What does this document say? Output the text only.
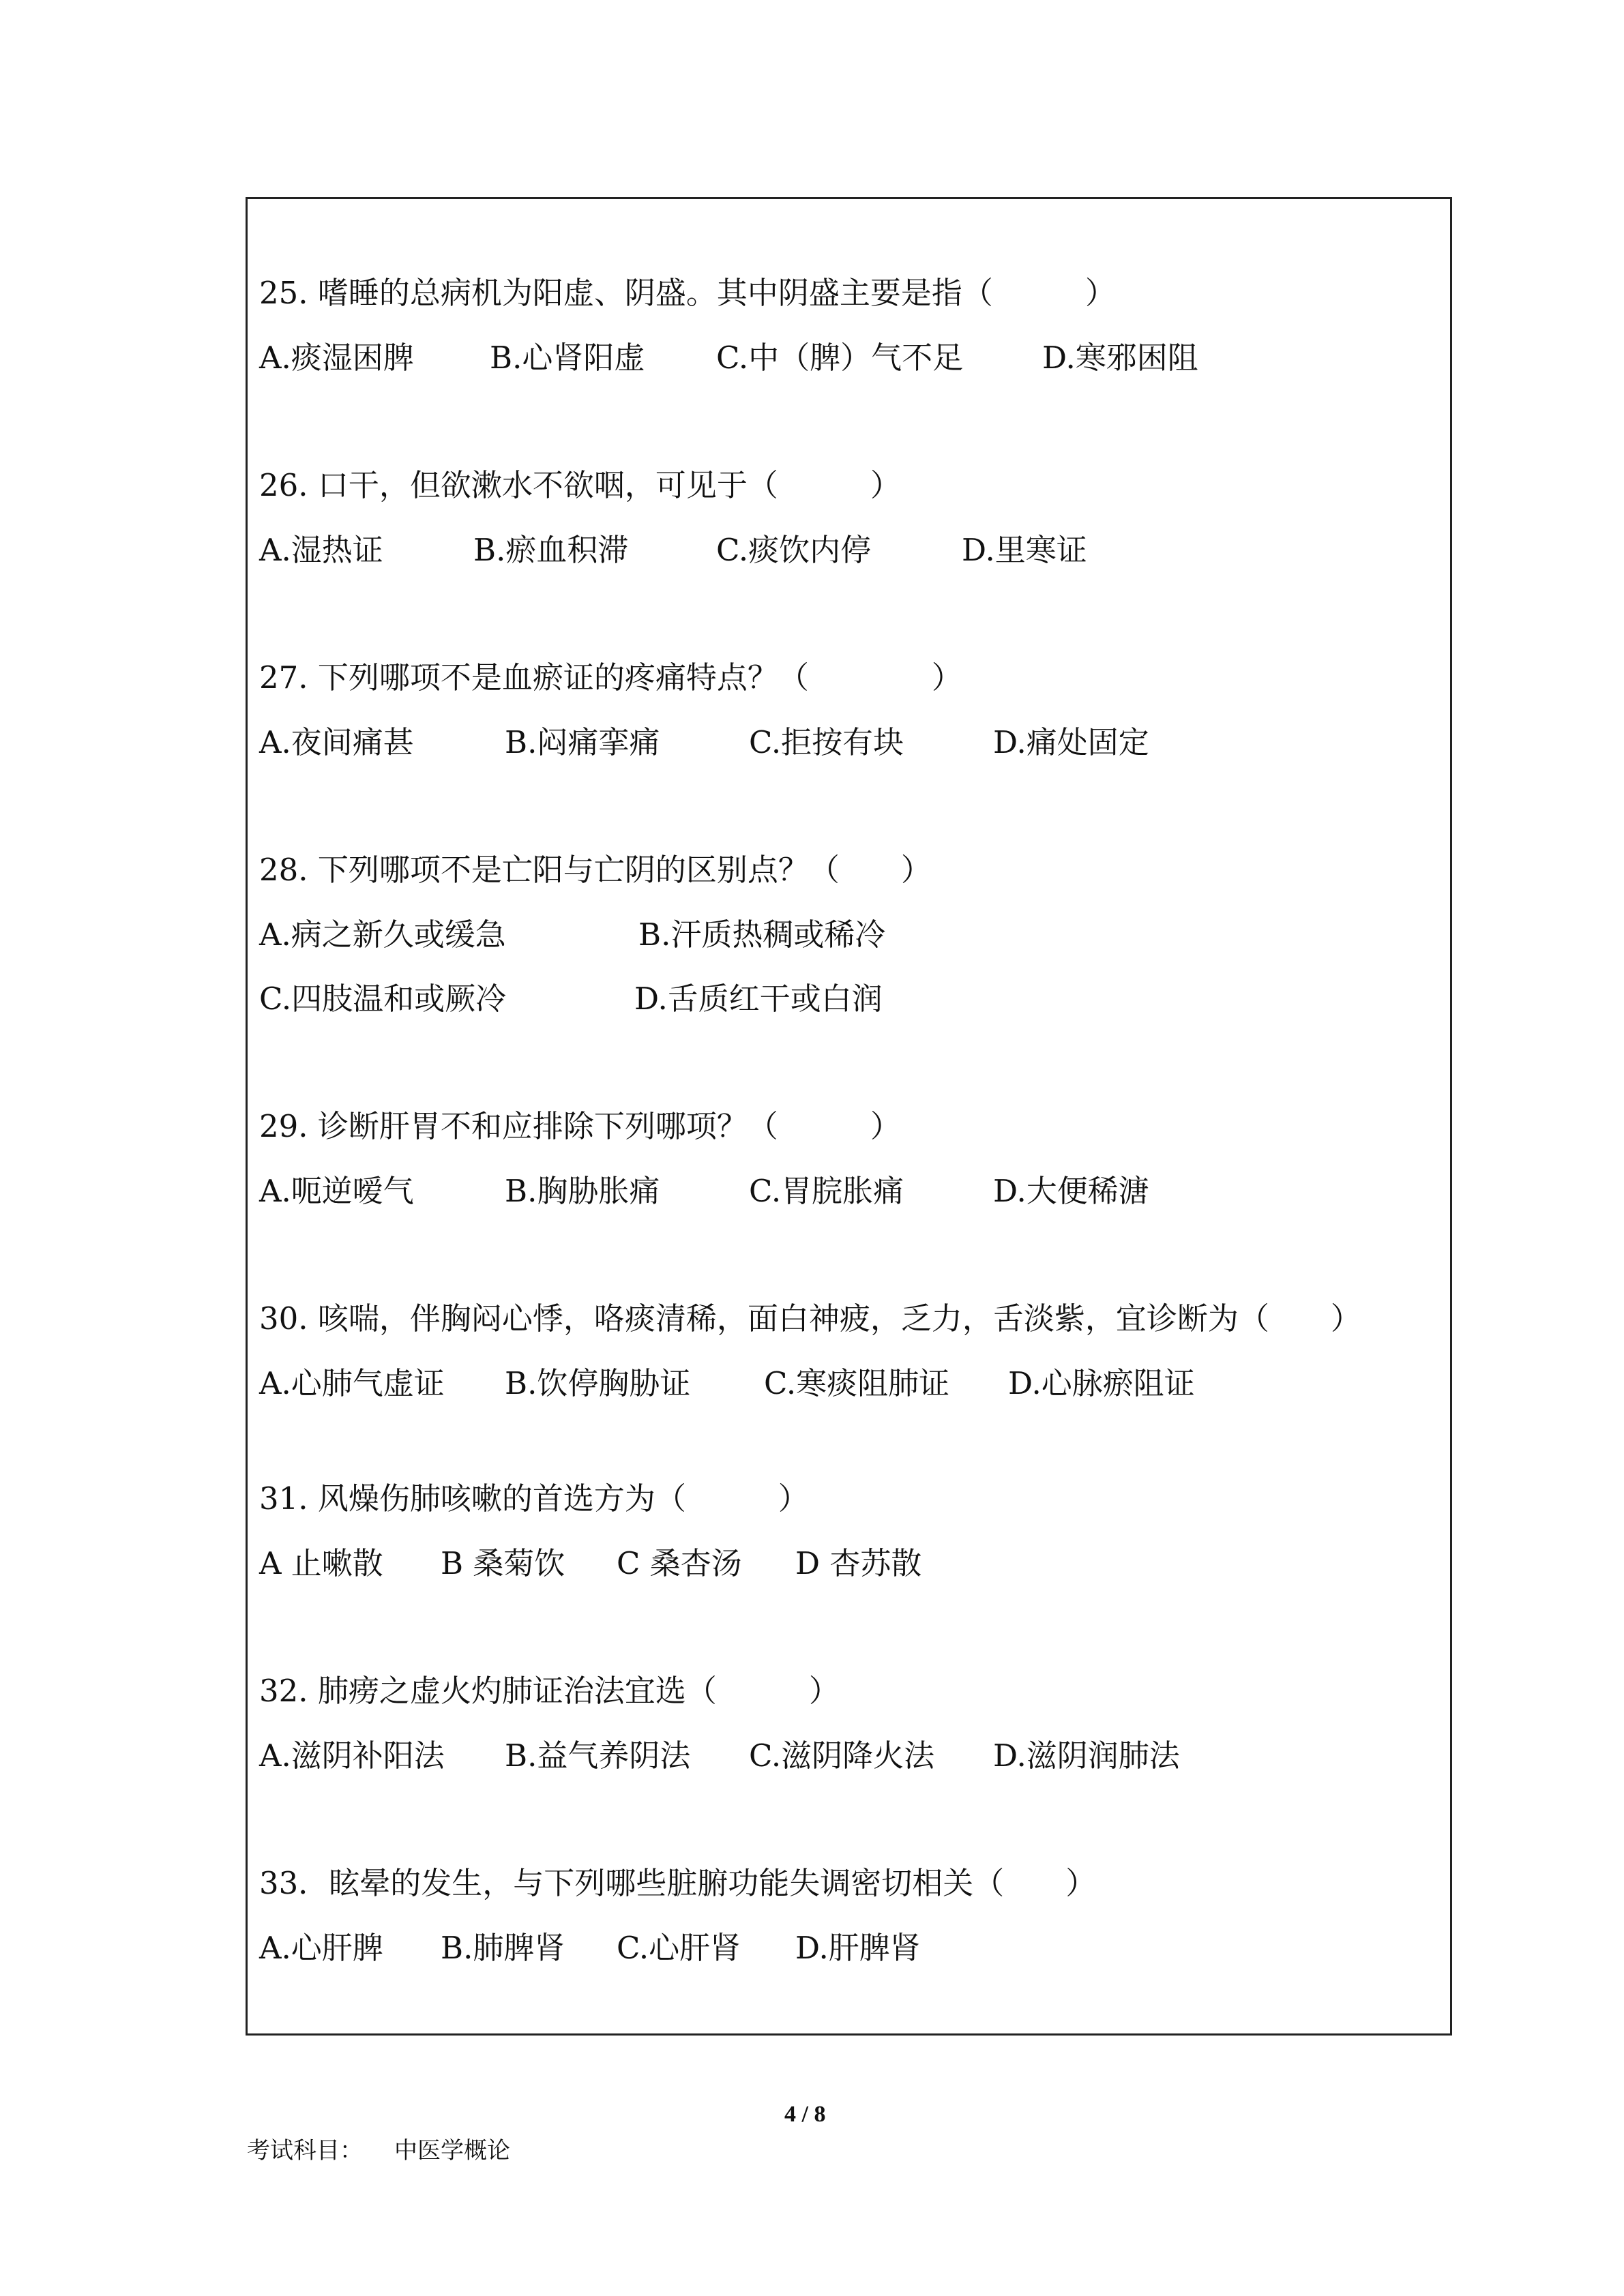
25. 嗜睡的总病机为阳虚、阴盛。其中阴盛主要是指（　　　）
A.痰湿困脾 B.心肾阳虚 C.中（脾）气不足	D.寒邪困阻
26. 口干，但欲漱水不欲咽，可见于（　　　）
A.湿热证	B.瘀血积滞	C.痰饮内停	D.里寒证
27. 下列哪项不是血瘀证的疼痛特点？（　　　　）
A.夜间痛甚	B.闷痛挛痛	C.拒按有块	D.痛处固定
28. 下列哪项不是亡阳与亡阴的区别点？（　　）
A.病之新久或缓急	B.汗质热稠或稀冷
C.四肢温和或厥冷	D.舌质红干或白润
29. 诊断肝胃不和应排除下列哪项？（　　　）
A.呃逆嗳气	B.胸胁胀痛	C.胃脘胀痛	D.大便稀溏
30. 咳喘，伴胸闷心悸，咯痰清稀，面白神疲，乏力，舌淡紫，宜诊断为（　　）
A.心肺气虚证 B.饮停胸胁证 C.寒痰阻肺证 D.心脉瘀阻证
31. 风燥伤肺咳嗽的首选方为（　　　）
A 止嗽散 B 桑菊饮 C 桑杏汤 D 杏苏散
32. 肺痨之虚火灼肺证治法宜选（　　　）
A.滋阴补阳法 B.益气养阴法 C.滋阴降火法 D.滋阴润肺法
33．眩晕的发生，与下列哪些脏腑功能失调密切相关（　　）
A.心肝脾 B.肺脾肾 C.心肝肾 D.肝脾肾
4 / 8
考试科目： 中医学概论
